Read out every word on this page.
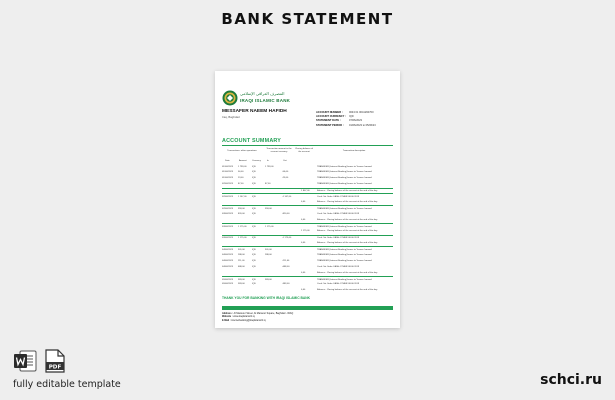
BANK STATEMENT
المصرف العراقي الإسلامي
IRAQI ISLAMIC BANK
MESSAFER NAEEM HAFIDH
Iraq, Baghdad
ACCOUNT NUMBER : 0043 01 0041290700
ACCOUNT CURRENCY : IQD
STATEMENT DATE :	07/06/2023
STATEMENT PERIOD : 01/06/2023 to 05/06/23
ACCOUNT SUMMARY
Transactions: other operations
Transaction amount in the account currency
Closing balance of the account	Transaction description
Date	Amount Currency	In	Out
01/06/2023 1 799,00 IQD	1 799,00	TRANSFER (Internet Banking) bonus to Yaseen Ismaeel
01/06/2023 56,00	IQD	-56,00	TRANSFER (Internet Banking) bonus to Yaseen Ismaeel
01/06/2023 23,00	IQD	-23,00	TRANSFER (Internet Banking) bonus to Yaseen Ismaeel
02/06/2023 87,00	IQD	87,00	TRANSFER (Internet Banking) bonus to Yaseen Ismaeel
1 807,00	Balance - Closing balance of the account at the end of the day
02/06/2023 1 167,00 IQD	-1 167,00	Cash Out Order CASH-OTHER 08.06.2019
0,00	Balance - Closing balance of the account at the end of the day
02/06/2023 359,00	IQD	359,00	TRANSFER (Internet Banking) bonus to Yaseen Ismaeel
03/06/2023 820,00	IQD	-820,00	Cash Out Order CASH-OTHER 08.06.2019
0,00	Balance - Closing balance of the account at the end of the day
03/06/2023 1 175,00 IQD	1 175,00	TRANSFER (Internet Banking) bonus to Yaseen Ismaeel
1 175,00	Balance - Closing balance of the account at the end of the day
03/06/2023 1 175,00 IQD	-1 175,00	Cash Out Order CASH-OTHER 08.06.2019
0,00	Balance - Closing balance of the account at the end of the day
04/06/2023 301,00	IQD	301,00	TRANSFER (Internet Banking) bonus to Yaseen Ismaeel
04/06/2023 288,00	IQD	288,00	TRANSFER (Internet Banking) bonus to Yaseen Ismaeel
04/06/2023 211,00	IQD	-211,00	TRANSFER (Internet Banking) bonus to Yaseen Ismaeel
04/06/2023 688,00	IQD	-688,00	Cash Out Order CASH-OTHER 08.06.2019
0,00	Balance - Closing balance of the account at the end of the day
05/06/2023 383,00	IQD	383,00	TRANSFER (Internet Banking) bonus to Yaseen Ismaeel
05/06/2023 383,00	IQD	-383,00	Cash Out Order CASH-OTHER 08.06.2019
0,00	Balance - Closing balance of the account at the end of the day
THANK YOU FOR BANKING WITH IRAQI ISLAMIC BANK
Address : Al Mansour Street, Al Mansour Square, Baghdad - IRAQ
Website : www.iraqiislamicb.iq
E-Mail : internetbanking@iraqiislamicb.iq
PDF
fully editable template	schci.ru
